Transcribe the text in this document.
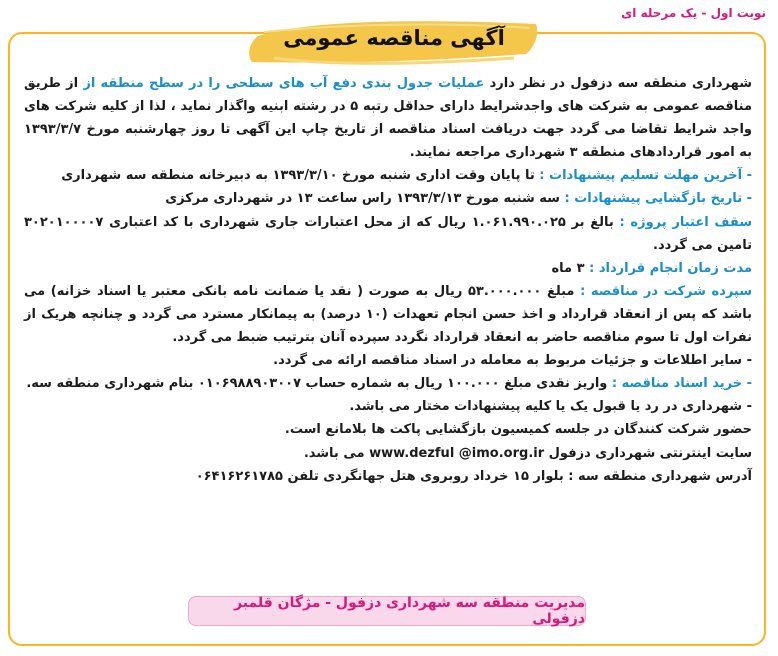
نوبت اول - یک مرحله ای
آگهی مناقصه عمومی

شهرداری منطقه سه دزفول در نظر دارد عملیات جدول بندی دفع آب های سطحی را در سطح منطقه از از طریق مناقصه عمومی به شرکت های واجدشرایط دارای حداقل رتبه ۵ در رشته ابنیه واگذار نماید ، لذا از کلیه شرکت های واجد شرایط تقاضا می گردد جهت دریافت اسناد مناقصه از تاریخ چاپ این آگهی تا روز چهارشنبه مورخ ۱۳۹۳/۳/۷ به امور قراردادهای منطقه ۳ شهرداری مراجعه نمایند.

- آخرین مهلت تسلیم پیشنهادات : تا پایان وقت اداری شنبه مورخ ۱۳۹۳/۳/۱۰ به دبیرخانه منطقه سه شهرداری

- تاریخ بازگشایی پیشنهادات : سه شنبه مورخ ۱۳۹۳/۳/۱۳ راس ساعت ۱۳ در شهرداری مرکزی

سقف اعتبار پروژه : بالغ بر ۱.۰۶۱.۹۹۰.۰۲۵ ریال که از محل اعتبارات جاری شهرداری با کد اعتباری ۳۰۲۰۱۰۰۰۰۷ تامین می گردد.

مدت زمان انجام قرارداد : ۳ ماه

سپرده شرکت در مناقصه : مبلغ ۵۳.۰۰۰.۰۰۰ ریال به صورت ( نقد یا ضمانت نامه بانکی معتبر یا اسناد خزانه) می باشد که پس از انعقاد قرارداد و اخذ حسن انجام تعهدات (۱۰ درصد) به پیمانکار مسترد می گردد و چنانچه هریک از نفرات اول تا سوم مناقصه حاضر به انعقاد قرارداد نگردد سپرده آنان بترتیب ضبط می گردد.

- سایر اطلاعات و جزئیات مربوط به معامله در اسناد مناقصه ارائه می گردد.

- خرید اسناد مناقصه : واریز نقدی مبلغ ۱۰۰.۰۰۰ ریال به شماره حساب ۰۱۰۶۹۸۸۹۰۳۰۰۷ بنام شهرداری منطقه سه.

- شهرداری در رد یا قبول یک یا کلیه پیشنهادات مختار می باشد.

حضور شرکت کنندگان در جلسه کمیسیون بازگشایی پاکت ها بلامانع است.

سایت اینترنتی شهرداری دزفول www.dezful @imo.org.ir می باشد.

آدرس شهرداری منطقه سه : بلوار ۱۵ خرداد روبروی هتل جهانگردی تلفن ۰۶۴۱۶۲۶۱۷۸۵

مدیریت منطقه سه شهرداری دزفول - مژگان قلمبر دزفولی
